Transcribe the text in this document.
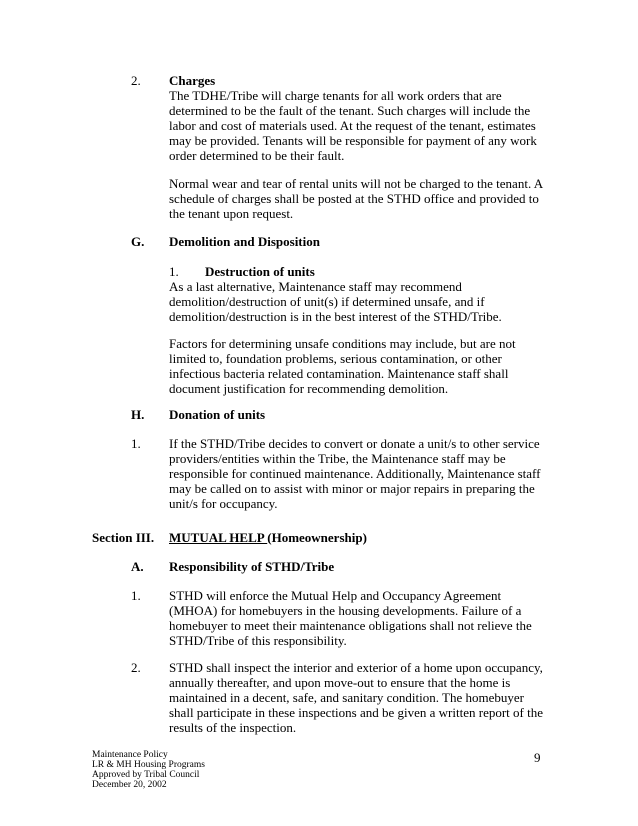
2. Charges

The TDHE/Tribe will charge tenants for all work orders that are determined to be the fault of the tenant. Such charges will include the labor and cost of materials used. At the request of the tenant, estimates may be provided. Tenants will be responsible for payment of any work order determined to be their fault.

Normal wear and tear of rental units will not be charged to the tenant. A schedule of charges shall be posted at the STHD office and provided to the tenant upon request.

G. Demolition and Disposition
1. Destruction of units

As a last alternative, Maintenance staff may recommend demolition/destruction of unit(s) if determined unsafe, and if demolition/destruction is in the best interest of the STHD/Tribe.

Factors for determining unsafe conditions may include, but are not limited to, foundation problems, serious contamination, or other infectious bacteria related contamination. Maintenance staff shall document justification for recommending demolition.

H. Donation of units
1. If the STHD/Tribe decides to convert or donate a unit/s to other service providers/entities within the Tribe, the Maintenance staff may be responsible for continued maintenance. Additionally, Maintenance staff may be called on to assist with minor or major repairs in preparing the unit/s for occupancy.

Section III. MUTUAL HELP (Homeownership)
A. Responsibility of STHD/Tribe
1. STHD will enforce the Mutual Help and Occupancy Agreement (MHOA) for homebuyers in the housing developments. Failure of a homebuyer to meet their maintenance obligations shall not relieve the STHD/Tribe of this responsibility.

2. STHD shall inspect the interior and exterior of a home upon occupancy, annually thereafter, and upon move-out to ensure that the home is maintained in a decent, safe, and sanitary condition. The homebuyer shall participate in these inspections and be given a written report of the results of the inspection.

Maintenance Policy
LR & MH Housing Programs
Approved by Tribal Council
December 20, 2002
9
